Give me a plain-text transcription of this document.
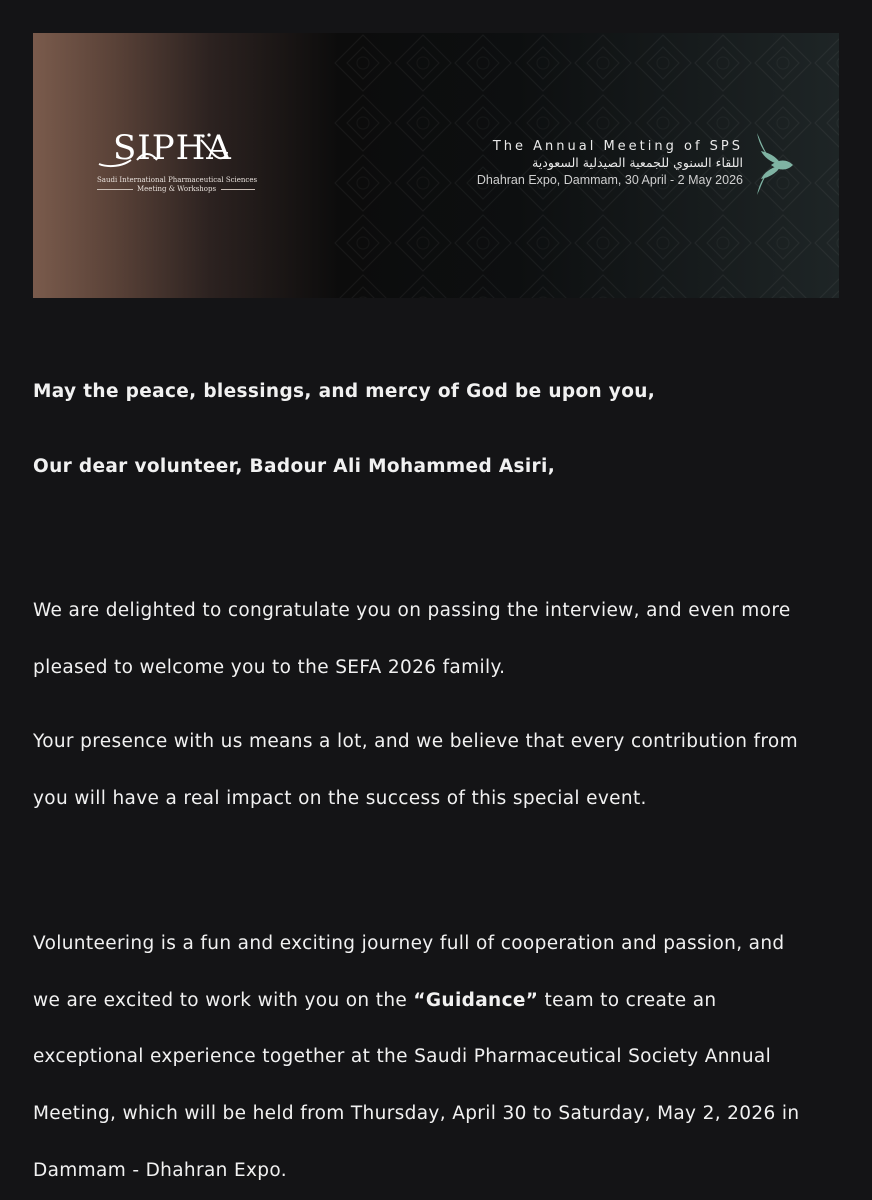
SIPHA
Saudi International Pharmaceutical Sciences
Meeting & Workshops
The Annual Meeting of SPS
اللقاء السنوي للجمعية الصيدلية السعودية
Dhahran Expo, Dammam, 30 April - 2 May 2026
May the peace, blessings, and mercy of God be upon you,
Our dear volunteer, Badour Ali Mohammed Asiri,
We are delighted to congratulate you on passing the interview, and even more
pleased to welcome you to the SEFA 2026 family.
Your presence with us means a lot, and we believe that every contribution from
you will have a real impact on the success of this special event.
Volunteering is a fun and exciting journey full of cooperation and passion, and
we are excited to work with you on the “Guidance” team to create an
exceptional experience together at the Saudi Pharmaceutical Society Annual
Meeting, which will be held from Thursday, April 30 to Saturday, May 2, 2026 in
Dammam - Dhahran Expo.
